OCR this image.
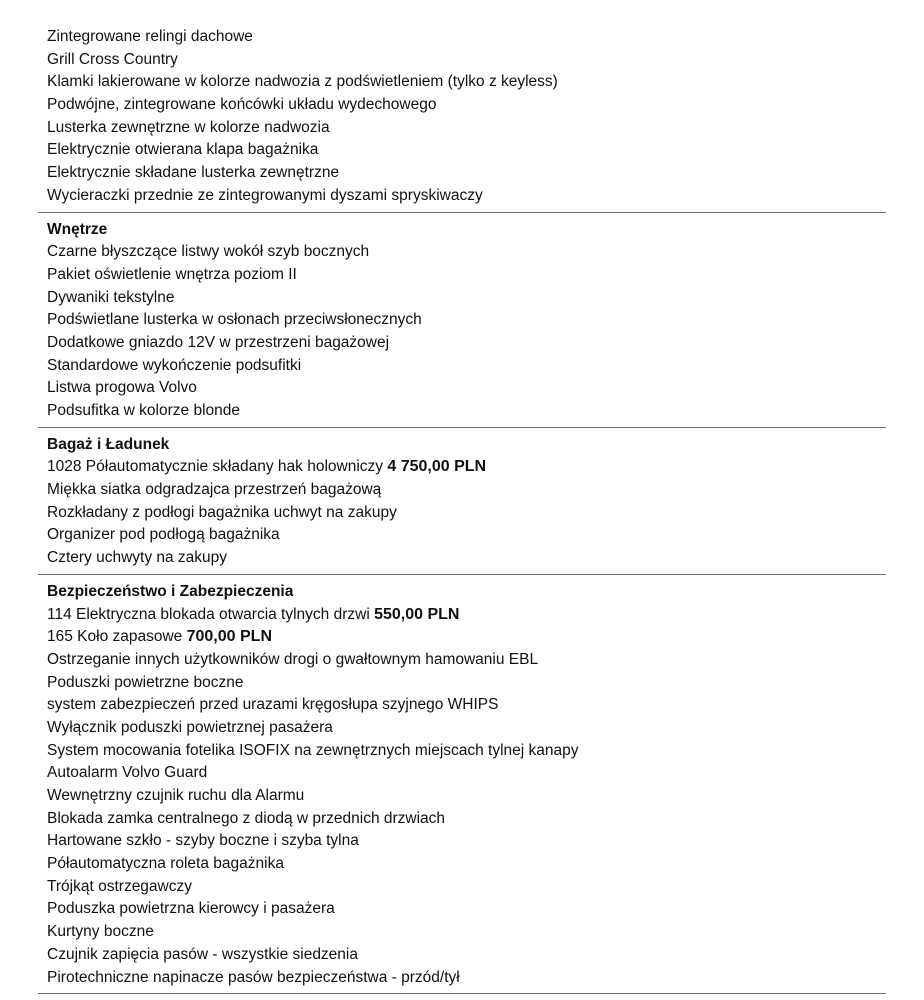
Zintegrowane relingi dachowe
Grill Cross Country
Klamki lakierowane w kolorze nadwozia z podświetleniem (tylko z keyless)
Podwójne, zintegrowane końcówki układu wydechowego
Lusterka zewnętrzne w kolorze nadwozia
Elektrycznie otwierana klapa bagażnika
Elektrycznie składane lusterka zewnętrzne
Wycieraczki przednie ze zintegrowanymi dyszami spryskiwaczy
Wnętrze
Czarne błyszczące listwy wokół szyb bocznych
Pakiet oświetlenie wnętrza poziom II
Dywaniki tekstylne
Podświetlane lusterka w osłonach przeciwsłonecznych
Dodatkowe gniazdo 12V w przestrzeni bagażowej
Standardowe wykończenie podsufitki
Listwa progowa Volvo
Podsufitka w kolorze blonde
Bagaż i Ładunek
1028 Półautomatycznie składany hak holowniczy 4 750,00 PLN
Miękka siatka odgradzajca przestrzeń bagażową
Rozkładany z podłogi bagażnika uchwyt na zakupy
Organizer pod podłogą bagażnika
Cztery uchwyty na zakupy
Bezpieczeństwo i Zabezpieczenia
114 Elektryczna blokada otwarcia tylnych drzwi 550,00 PLN
165 Koło zapasowe 700,00 PLN
Ostrzeganie innych użytkowników drogi o gwałtownym hamowaniu EBL
Poduszki powietrzne boczne
system zabezpieczeń przed urazami kręgosłupa szyjnego WHIPS
Wyłącznik poduszki powietrznej pasażera
System mocowania fotelika ISOFIX na zewnętrznych miejscach tylnej kanapy
Autoalarm Volvo Guard
Wewnętrzny czujnik ruchu dla Alarmu
Blokada zamka centralnego z diodą w przednich drzwiach
Hartowane szkło - szyby boczne i szyba tylna
Półautomatyczna roleta bagażnika
Trójkąt ostrzegawczy
Poduszka powietrzna kierowcy i pasażera
Kurtyny boczne
Czujnik zapięcia pasów - wszystkie siedzenia
Pirotechniczne napinacze pasów bezpieczeństwa - przód/tył
